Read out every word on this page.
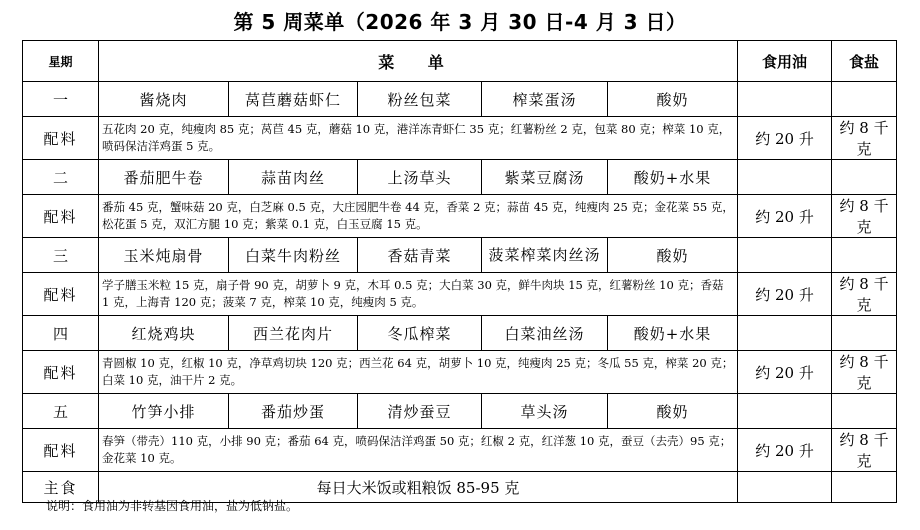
第 5 周菜单（2026 年 3 月 30 日-4 月 3 日）
星期	菜 单					食用油	食盐
一	酱烧肉	莴苣蘑菇虾仁	粉丝包菜	榨菜蛋汤	酸奶		
配料	五花肉 20 克，纯瘦肉 85 克；莴苣 45 克，蘑菇 10 克，港洋冻青虾仁 35 克；红薯粉丝 2 克，包菜 80 克；榨菜 10 克，喷码保洁洋鸡蛋 5 克。					约 20 升	约 8 千克
二	番茄肥牛卷	蒜苗肉丝	上汤草头	紫菜豆腐汤	酸奶+水果		
配料	番茄 45 克，蟹味菇 20 克，白芝麻 0.5 克，大庄园肥牛卷 44 克，香菜 2 克；蒜苗 45 克，纯瘦肉 25 克；金花菜 55 克，松花蛋 5 克，双汇方腿 10 克；紫菜 0.1 克，白玉豆腐 15 克。					约 20 升	约 8 千克
三	玉米炖扇骨	白菜牛肉粉丝	香菇青菜	菠菜榨菜肉丝汤	酸奶		
配料	学子膳玉米粒 15 克，扇子骨 90 克，胡萝卜 9 克，木耳 0.5 克；大白菜 30 克，鲜牛肉块 15 克，红薯粉丝 10 克；香菇 1 克，上海青 120 克；菠菜 7 克，榨菜 10 克，纯瘦肉 5 克。					约 20 升	约 8 千克
四	红烧鸡块	西兰花肉片	冬瓜榨菜	白菜油丝汤	酸奶+水果		
配料	青圆椒 10 克，红椒 10 克，净草鸡切块 120 克；西兰花 64 克，胡萝卜 10 克，纯瘦肉 25 克；冬瓜 55 克，榨菜 20 克；白菜 10 克，油干片 2 克。					约 20 升	约 8 千克
五	竹笋小排	番茄炒蛋	清炒蚕豆	草头汤	酸奶		
配料	春笋（带壳）110 克，小排 90 克；番茄 64 克，喷码保洁洋鸡蛋 50 克；红椒 2 克，红洋葱 10 克，蚕豆（去壳）95 克；金花菜 10 克。					约 20 升	约 8 千克
主食	每日大米饭或粗粮饭 85-95 克						
说明：食用油为非转基因食用油，盐为低钠盐。
